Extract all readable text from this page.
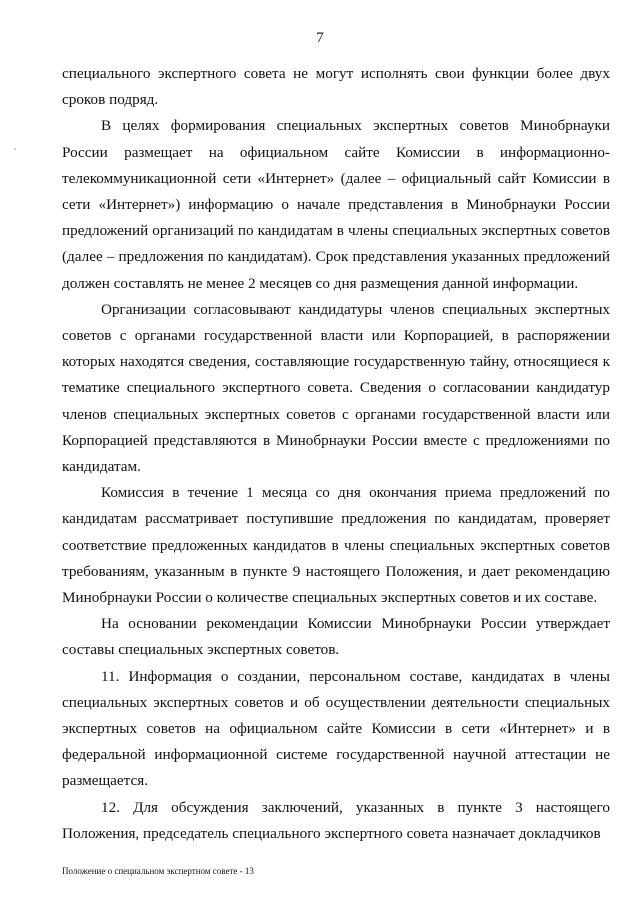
7

специального экспертного совета не могут исполнять свои функции более двух сроков подряд.

В целях формирования специальных экспертных советов Минобрнауки России размещает на официальном сайте Комиссии в информационно-телекоммуникационной сети «Интернет» (далее – официальный сайт Комиссии в сети «Интернет») информацию о начале представления в Минобрнауки России предложений организаций по кандидатам в члены специальных экспертных советов (далее – предложения по кандидатам). Срок представления указанных предложений должен составлять не менее 2 месяцев со дня размещения данной информации.

Организации согласовывают кандидатуры членов специальных экспертных советов с органами государственной власти или Корпорацией, в распоряжении которых находятся сведения, составляющие государственную тайну, относящиеся к тематике специального экспертного совета. Сведения о согласовании кандидатур членов специальных экспертных советов с органами государственной власти или Корпорацией представляются в Минобрнауки России вместе с предложениями по кандидатам.

Комиссия в течение 1 месяца со дня окончания приема предложений по кандидатам рассматривает поступившие предложения по кандидатам, проверяет соответствие предложенных кандидатов в члены специальных экспертных советов требованиям, указанным в пункте 9 настоящего Положения, и дает рекомендацию Минобрнауки России о количестве специальных экспертных советов и их составе.

На основании рекомендации Комиссии Минобрнауки России утверждает составы специальных экспертных советов.

11. Информация о создании, персональном составе, кандидатах в члены специальных экспертных советов и об осуществлении деятельности специальных экспертных советов на официальном сайте Комиссии в сети «Интернет» и в федеральной информационной системе государственной научной аттестации не размещается.

12. Для обсуждения заключений, указанных в пункте 3 настоящего Положения, председатель специального экспертного совета назначает докладчиков

Положение о специальном экспертном совете - 13
